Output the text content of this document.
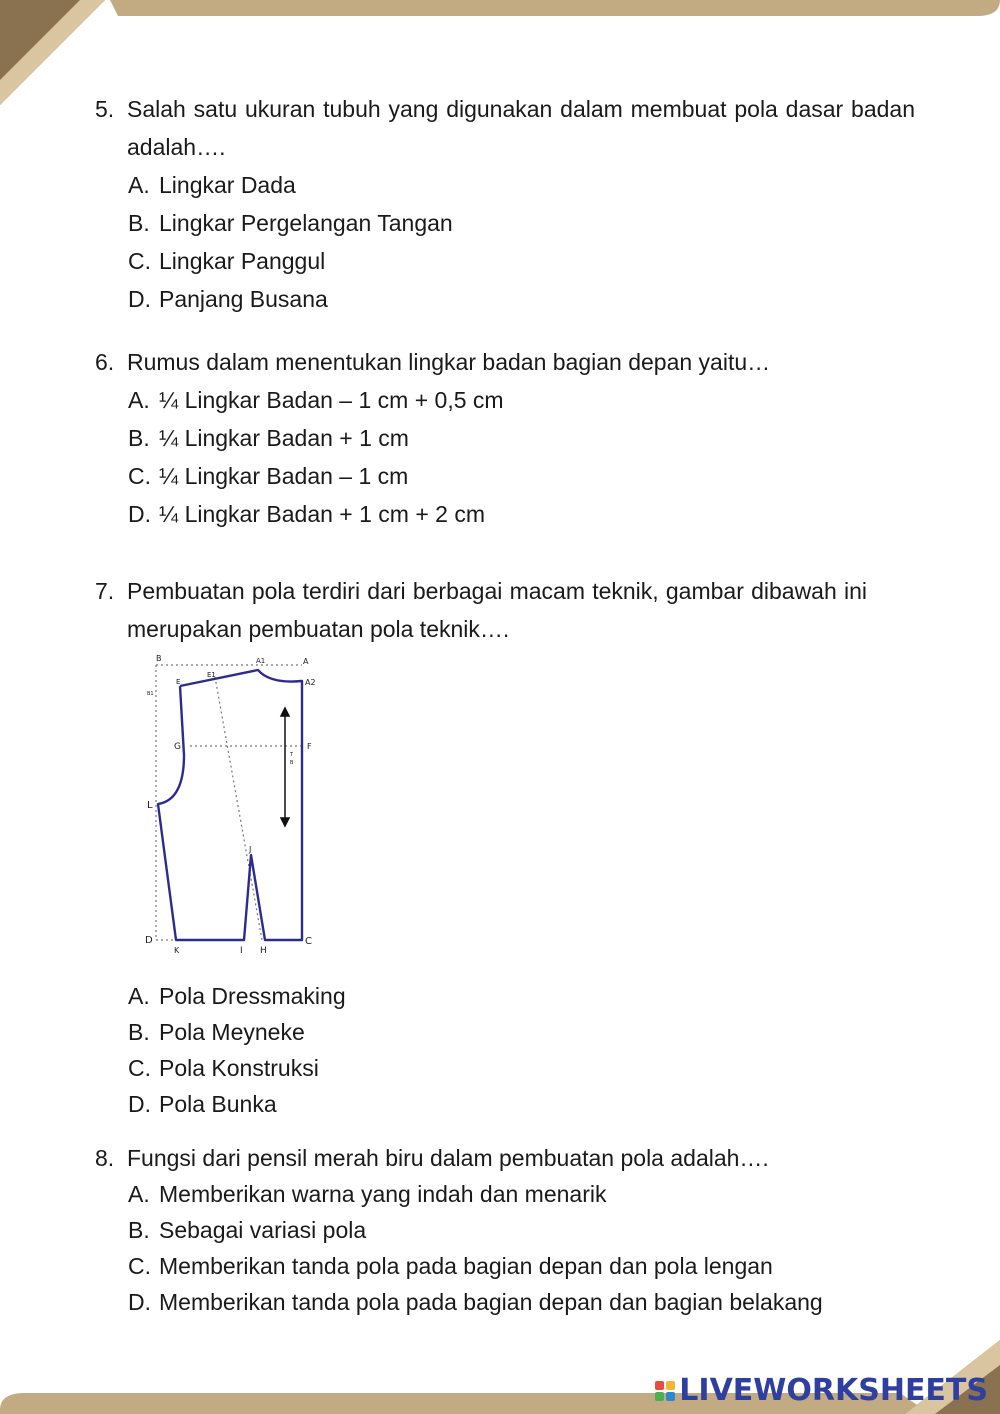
5. Salah satu ukuran tubuh yang digunakan dalam membuat pola dasar badan adalah….
A. Lingkar Dada
B. Lingkar Pergelangan Tangan
C. Lingkar Panggul
D. Panjang Busana
6. Rumus dalam menentukan lingkar badan bagian depan yaitu…
A. ¼ Lingkar Badan – 1 cm + 0,5 cm
B. ¼ Lingkar Badan + 1 cm
C. ¼ Lingkar Badan – 1 cm
D. ¼ Lingkar Badan + 1 cm + 2 cm
7. Pembuatan pola terdiri dari berbagai macam teknik, gambar dibawah ini merupakan pembuatan pola teknik….
A. Pola Dressmaking
B. Pola Meyneke
C. Pola Konstruksi
D. Pola Bunka
B	A1	A
E
E1
B1
A2
G	F
T
B
L
J
D
K	I H
C
8. Fungsi dari pensil merah biru dalam pembuatan pola adalah….
A. Memberikan warna yang indah dan menarik
B. Sebagai variasi pola
C. Memberikan tanda pola pada bagian depan dan pola lengan
D. Memberikan tanda pola pada bagian depan dan bagian belakang
LIVEWORKSHEETS
